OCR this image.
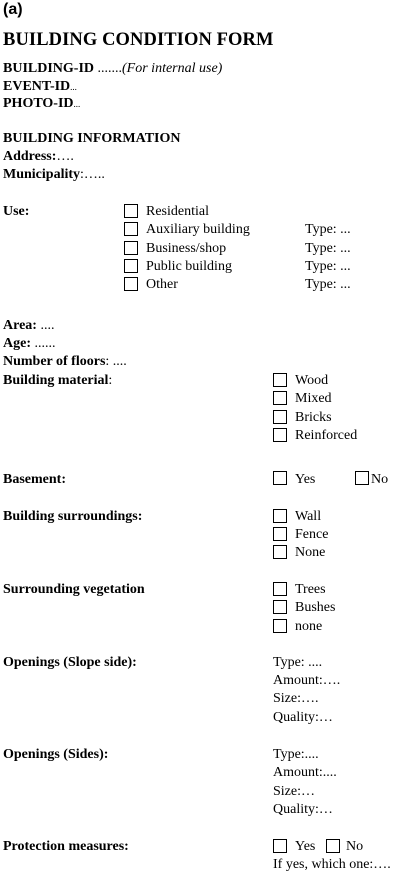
(a)
BUILDING CONDITION FORM
BUILDING-ID .......(For internal use)
EVENT-ID...
PHOTO-ID...
BUILDING INFORMATION
Address:….
Municipality:…..
Use:	Residential
Auxiliary building	Type: ...
Business/shop	Type: ...
Public building	Type: ...
Other	Type: ...
Area: ....
Age: ......
Number of floors: ....
Building material:	Wood
Mixed
Bricks
Reinforced
Basement:	Yes	No
Building surroundings:	Wall
Fence
None
Surrounding vegetation	Trees
Bushes
none
Openings (Slope side):	Type: ....
Amount:….
Size:….
Quality:…
Openings (Sides):	Type:....
Amount:....
Size:…
Quality:…
Protection measures:	Yes No
If yes, which one:….
